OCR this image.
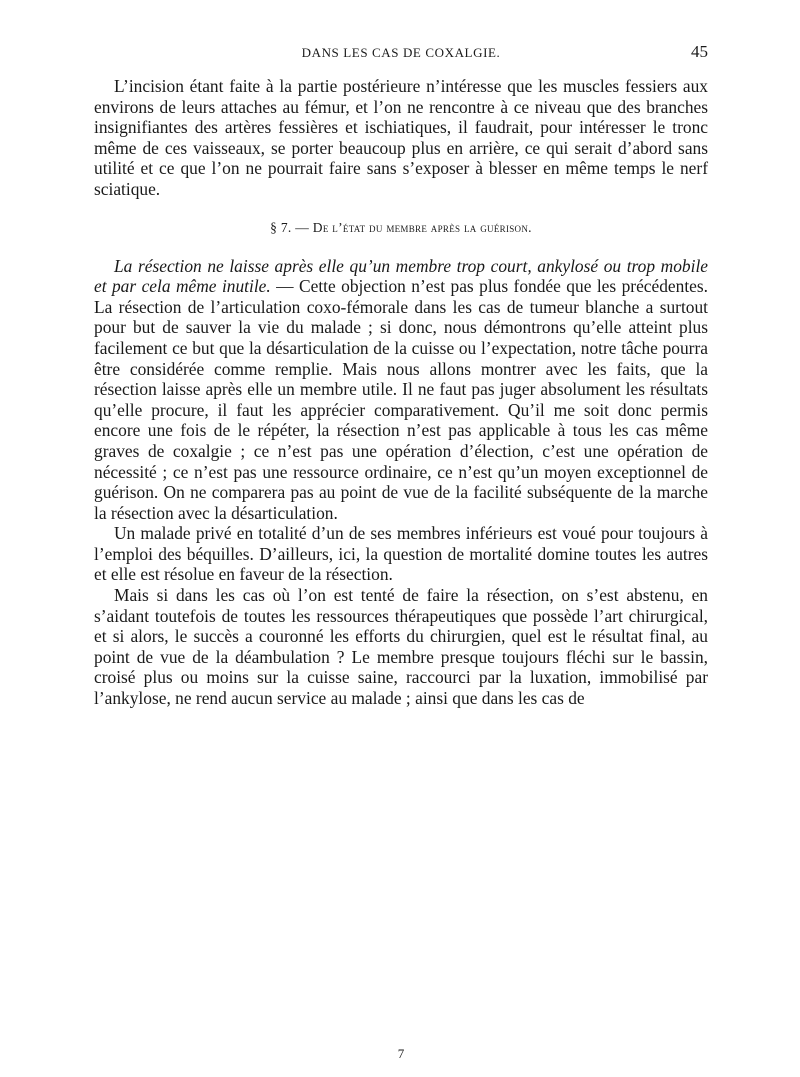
DANS LES CAS DE COXALGIE.	45

L’incision étant faite à la partie postérieure n’intéresse que les muscles fessiers aux environs de leurs attaches au fémur, et l’on ne rencontre à ce niveau que des branches insignifiantes des artères fessières et ischiatiques, il faudrait, pour intéresser le tronc même de ces vaisseaux, se porter beaucoup plus en arrière, ce qui serait d’abord sans utilité et ce que l’on ne pourrait faire sans s’exposer à blesser en même temps le nerf sciatique.

§ 7. — De l’état du membre après la guérison.

La résection ne laisse après elle qu’un membre trop court, ankylosé ou trop mobile et par cela même inutile. — Cette objection n’est pas plus fondée que les précédentes. La résection de l’articulation coxo-fémorale dans les cas de tumeur blanche a surtout pour but de sauver la vie du malade ; si donc, nous démontrons qu’elle atteint plus facilement ce but que la désarticulation de la cuisse ou l’expectation, notre tâche pourra être considérée comme remplie. Mais nous allons montrer avec les faits, que la résection laisse après elle un membre utile. Il ne faut pas juger absolument les résultats qu’elle procure, il faut les apprécier comparativement. Qu’il me soit donc permis encore une fois de le répéter, la résection n’est pas applicable à tous les cas même graves de coxalgie ; ce n’est pas une opération d’élection, c’est une opération de nécessité ; ce n’est pas une ressource ordinaire, ce n’est qu’un moyen exceptionnel de guérison. On ne comparera pas au point de vue de la facilité subséquente de la marche la résection avec la désarticulation.

Un malade privé en totalité d’un de ses membres inférieurs est voué pour toujours à l’emploi des béquilles. D’ailleurs, ici, la question de mortalité domine toutes les autres et elle est résolue en faveur de la résection.

Mais si dans les cas où l’on est tenté de faire la résection, on s’est abstenu, en s’aidant toutefois de toutes les ressources thérapeutiques que possède l’art chirurgical, et si alors, le succès a couronné les efforts du chirurgien, quel est le résultat final, au point de vue de la déambulation ? Le membre presque toujours fléchi sur le bassin, croisé plus ou moins sur la cuisse saine, raccourci par la luxation, immobilisé par l’ankylose, ne rend aucun service au malade ; ainsi que dans les cas de

7
